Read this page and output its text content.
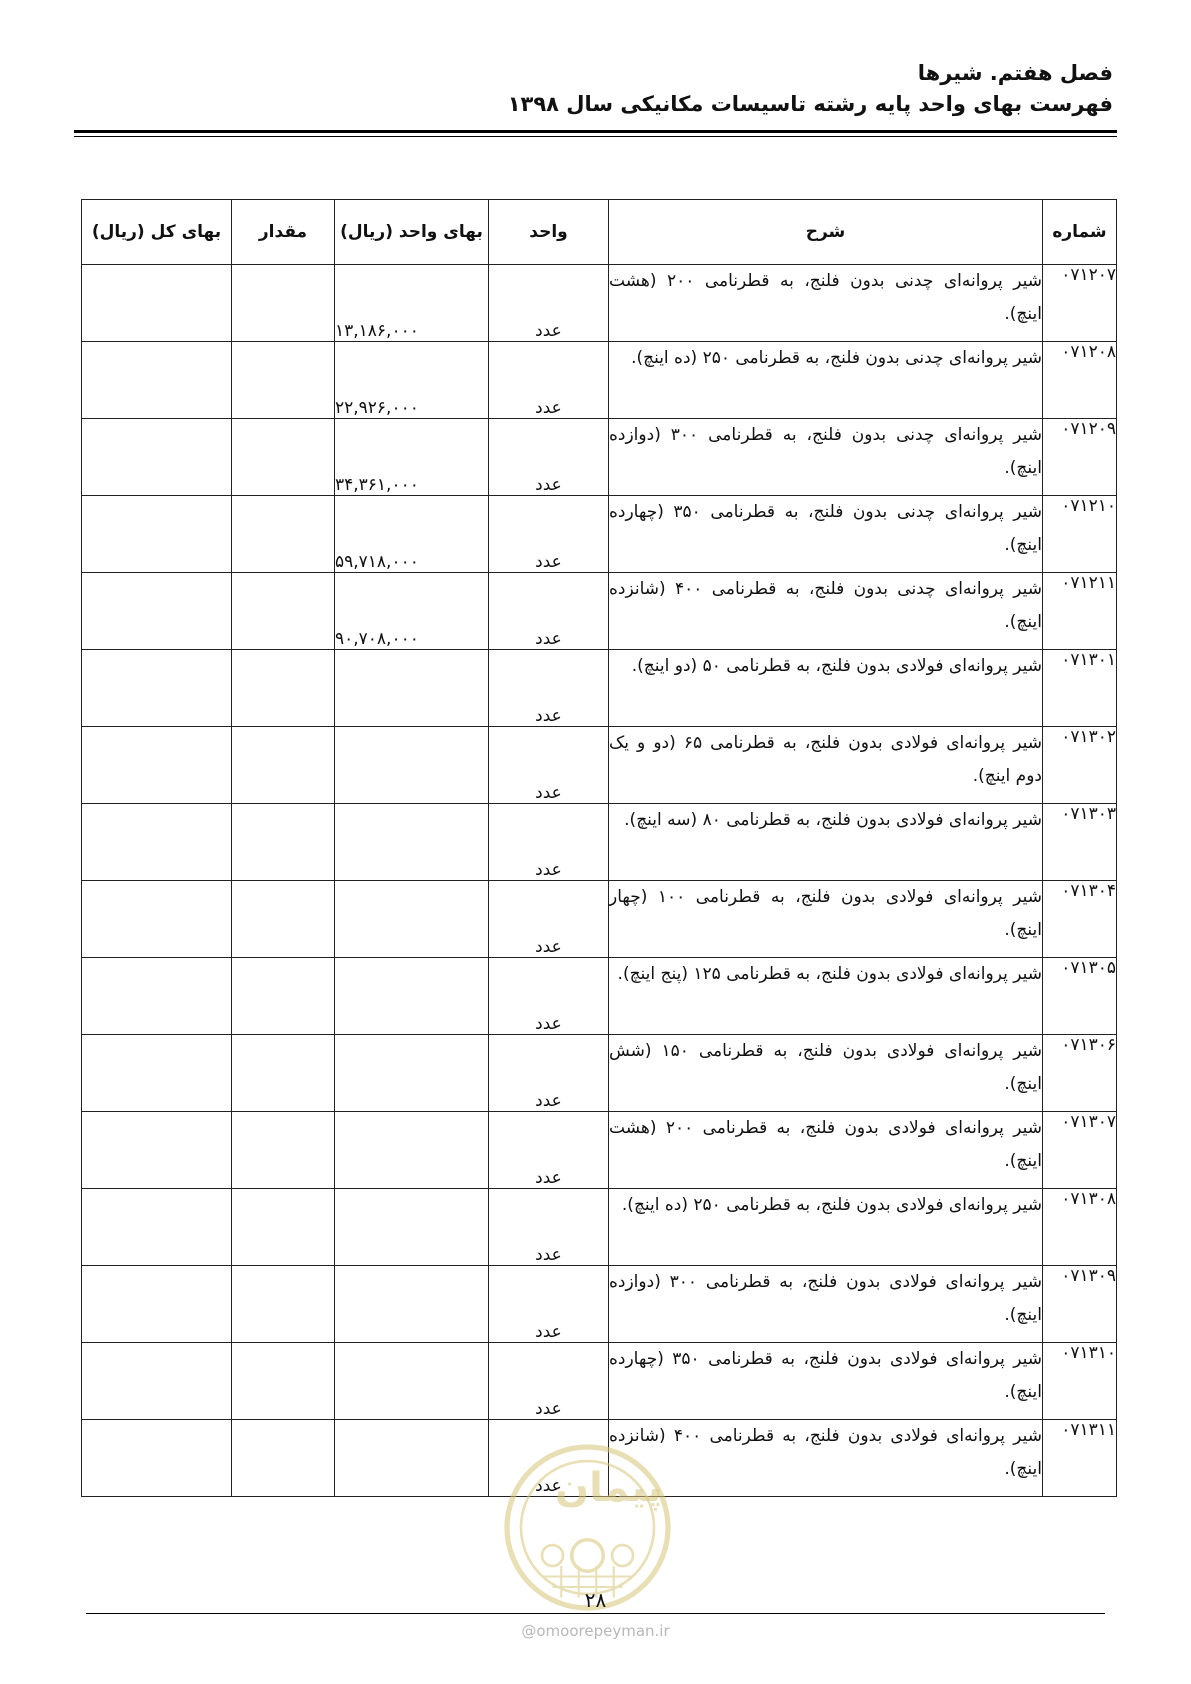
فصل هفتم. شیرها
فهرست بهای واحد پایه رشته تاسیسات مکانیکی سال ۱۳۹۸
شماره	شرح	واحد	بهای واحد (ریال)	مقدار	بهای کل (ریال)
۰۷۱۲۰۷	شیر پروانه‌ای چدنی بدون فلنج، به قطرنامی ۲۰۰ (هشت اینچ).	عدد	۱۳,۱۸۶,۰۰۰		
۰۷۱۲۰۸	شیر پروانه‌ای چدنی بدون فلنج، به قطرنامی ۲۵۰ (ده اینچ).	عدد	۲۲,۹۲۶,۰۰۰		
۰۷۱۲۰۹	شیر پروانه‌ای چدنی بدون فلنج، به قطرنامی ۳۰۰ (دوازده اینچ).	عدد	۳۴,۳۶۱,۰۰۰		
۰۷۱۲۱۰	شیر پروانه‌ای چدنی بدون فلنج، به قطرنامی ۳۵۰ (چهارده اینچ).	عدد	۵۹,۷۱۸,۰۰۰		
۰۷۱۲۱۱	شیر پروانه‌ای چدنی بدون فلنج، به قطرنامی ۴۰۰ (شانزده اینچ).	عدد	۹۰,۷۰۸,۰۰۰		
۰۷۱۳۰۱	شیر پروانه‌ای فولادی بدون فلنج، به قطرنامی ۵۰ (دو اینچ).	عدد			
۰۷۱۳۰۲	شیر پروانه‌ای فولادی بدون فلنج، به قطرنامی ۶۵ (دو و یک دوم اینچ).	عدد			
۰۷۱۳۰۳	شیر پروانه‌ای فولادی بدون فلنج، به قطرنامی ۸۰ (سه اینچ).	عدد			
۰۷۱۳۰۴	شیر پروانه‌ای فولادی بدون فلنج، به قطرنامی ۱۰۰ (چهار اینچ).	عدد			
۰۷۱۳۰۵	شیر پروانه‌ای فولادی بدون فلنج، به قطرنامی ۱۲۵ (پنج اینچ).	عدد			
۰۷۱۳۰۶	شیر پروانه‌ای فولادی بدون فلنج، به قطرنامی ۱۵۰ (شش اینچ).	عدد			
۰۷۱۳۰۷	شیر پروانه‌ای فولادی بدون فلنج، به قطرنامی ۲۰۰ (هشت اینچ).	عدد			
۰۷۱۳۰۸	شیر پروانه‌ای فولادی بدون فلنج، به قطرنامی ۲۵۰ (ده اینچ).	عدد			
۰۷۱۳۰۹	شیر پروانه‌ای فولادی بدون فلنج، به قطرنامی ۳۰۰ (دوازده اینچ).	عدد			
۰۷۱۳۱۰	شیر پروانه‌ای فولادی بدون فلنج، به قطرنامی ۳۵۰ (چهارده اینچ).	عدد			
۰۷۱۳۱۱	شیر پروانه‌ای فولادی بدون فلنج، به قطرنامی ۴۰۰ (شانزده اینچ).	عدد			
پیمان
۲۸
@omoorepeyman.ir
